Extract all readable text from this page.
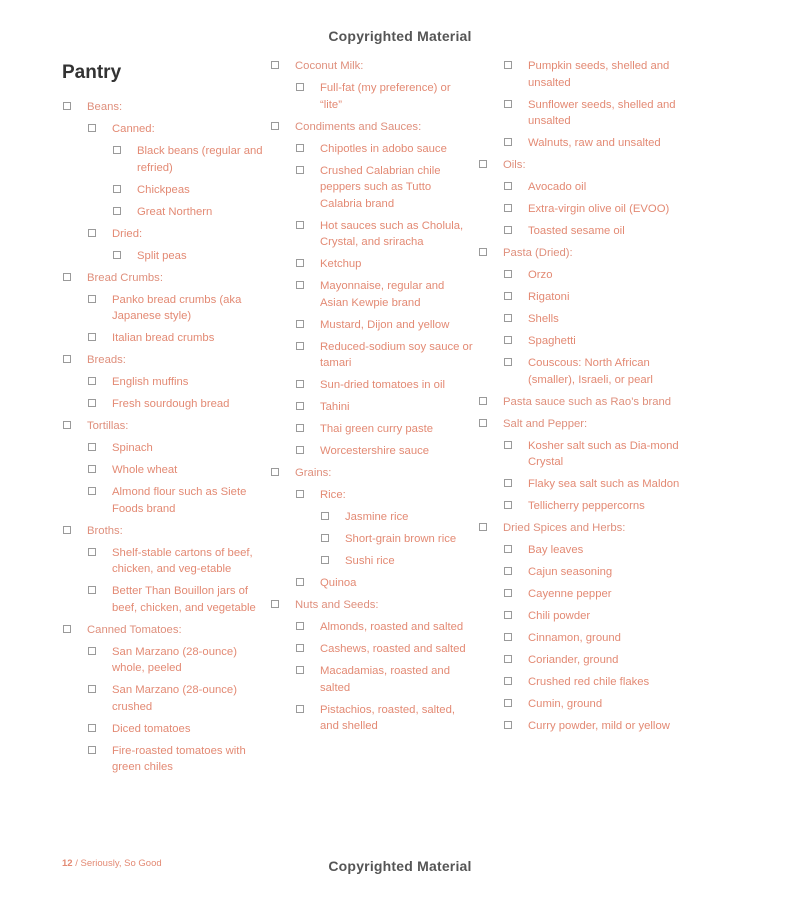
Copyrighted Material
Pantry
Beans:
Canned:
Black beans (regular and refried)
Chickpeas
Great Northern
Dried:
Split peas
Bread Crumbs:
Panko bread crumbs (aka Japanese style)
Italian bread crumbs
Breads:
English muffins
Fresh sourdough bread
Tortillas:
Spinach
Whole wheat
Almond flour such as Siete Foods brand
Broths:
Shelf-stable cartons of beef, chicken, and veg-etable
Better Than Bouillon jars of beef, chicken, and vegetable
Canned Tomatoes:
San Marzano (28-ounce) whole, peeled
San Marzano (28-ounce) crushed
Diced tomatoes
Fire-roasted tomatoes with green chiles
Coconut Milk:
Full-fat (my preference) or “lite”
Condiments and Sauces:
Chipotles in adobo sauce
Crushed Calabrian chile peppers such as Tutto Calabria brand
Hot sauces such as Cholula, Crystal, and sriracha
Ketchup
Mayonnaise, regular and Asian Kewpie brand
Mustard, Dijon and yellow
Reduced-sodium soy sauce or tamari
Sun-dried tomatoes in oil
Tahini
Thai green curry paste
Worcestershire sauce
Grains:
Rice:
Jasmine rice
Short-grain brown rice
Sushi rice
Quinoa
Nuts and Seeds:
Almonds, roasted and salted
Cashews, roasted and salted
Macadamias, roasted and salted
Pistachios, roasted, salted, and shelled
Pumpkin seeds, shelled and unsalted
Sunflower seeds, shelled and unsalted
Walnuts, raw and unsalted
Oils:
Avocado oil
Extra-virgin olive oil (EVOO)
Toasted sesame oil
Pasta (Dried):
Orzo
Rigatoni
Shells
Spaghetti
Couscous: North African (smaller), Israeli, or pearl
Pasta sauce such as Rao’s brand
Salt and Pepper:
Kosher salt such as Dia-mond Crystal
Flaky sea salt such as Maldon
Tellicherry peppercorns
Dried Spices and Herbs:
Bay leaves
Cajun seasoning
Cayenne pepper
Chili powder
Cinnamon, ground
Coriander, ground
Crushed red chile flakes
Cumin, ground
Curry powder, mild or yellow
12 / Seriously, So Good	Copyrighted Material
